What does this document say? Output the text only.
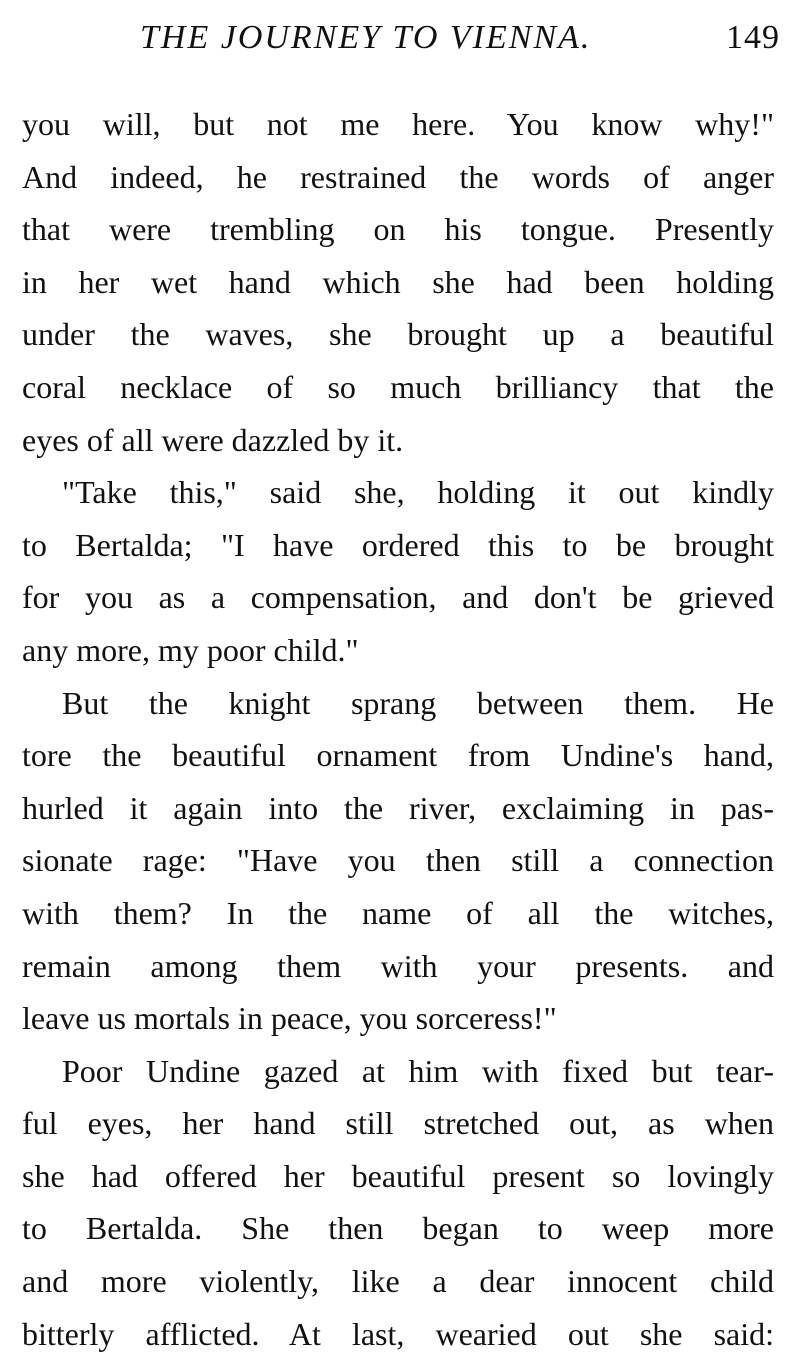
THE JOURNEY TO VIENNA.	149
you will, but not me here. You know why!"
And indeed, he restrained the words of anger
that were trembling on his tongue. Presently
in her wet hand which she had been holding
under the waves, she brought up a beautiful
coral necklace of so much brilliancy that the
eyes of all were dazzled by it.
"Take this," said she, holding it out kindly
to Bertalda; "I have ordered this to be brought
for you as a compensation, and don't be grieved
any more, my poor child."
But the knight sprang between them. He
tore the beautiful ornament from Undine's hand,
hurled it again into the river, exclaiming in pas-
sionate rage: "Have you then still a connection
with them? In the name of all the witches,
remain among them with your presents. and
leave us mortals in peace, you sorceress!"
Poor Undine gazed at him with fixed but tear-
ful eyes, her hand still stretched out, as when
she had offered her beautiful present so lovingly
to Bertalda. She then began to weep more
and more violently, like a dear innocent child
bitterly afflicted. At last, wearied out she said:
